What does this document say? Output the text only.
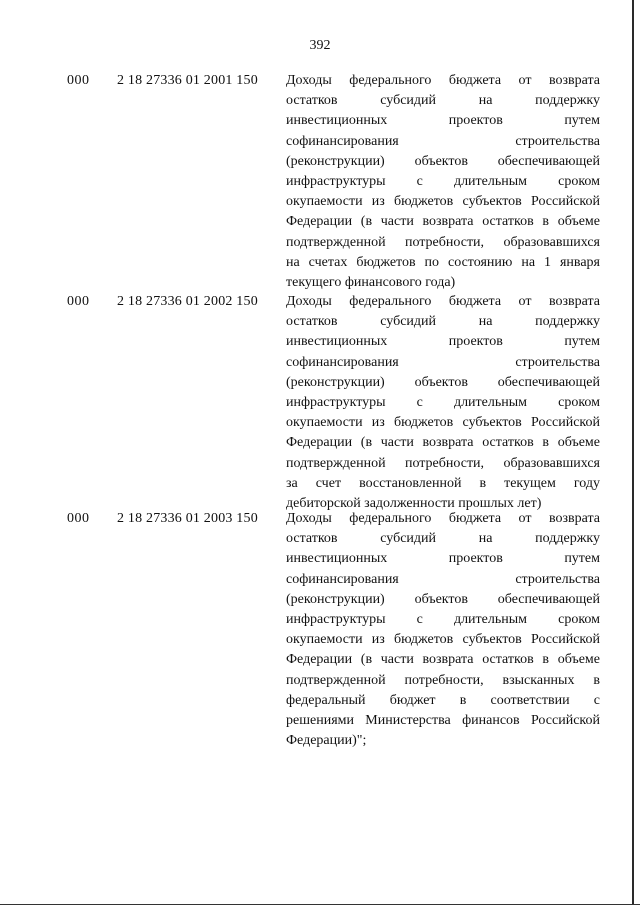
392
000 2 18 27336 01 2001 150 Доходы федерального бюджета от возврата
остатков субсидий на поддержку
инвестиционных проектов путем
софинансирования строительства
(реконструкции) объектов обеспечивающей
инфраструктуры с длительным сроком
окупаемости из бюджетов субъектов Российской
Федерации (в части возврата остатков в объеме
подтвержденной потребности, образовавшихся
на счетах бюджетов по состоянию на 1 января
текущего финансового года)
000 2 18 27336 01 2002 150 Доходы федерального бюджета от возврата
остатков субсидий на поддержку
инвестиционных проектов путем
софинансирования строительства
(реконструкции) объектов обеспечивающей
инфраструктуры с длительным сроком
окупаемости из бюджетов субъектов Российской
Федерации (в части возврата остатков в объеме
подтвержденной потребности, образовавшихся
за счет восстановленной в текущем году
дебиторской задолженности прошлых лет)
000 2 18 27336 01 2003 150 Доходы федерального бюджета от возврата
остатков субсидий на поддержку
инвестиционных проектов путем
софинансирования строительства
(реконструкции) объектов обеспечивающей
инфраструктуры с длительным сроком
окупаемости из бюджетов субъектов Российской
Федерации (в части возврата остатков в объеме
подтвержденной потребности, взысканных в
федеральный бюджет в соответствии с
решениями Министерства финансов Российской
Федерации)";
